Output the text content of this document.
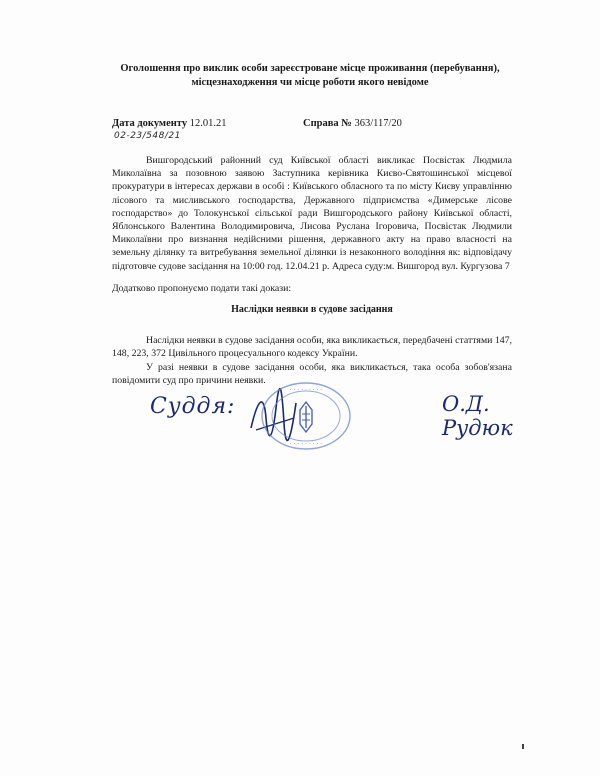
Оголошення про виклик особи зареєстроване місце проживання (перебування),
місцезнаходження чи місце роботи якого невідоме
Дата документу 12.01.21	Справа № 363/117/20
02-23/548/21
Вишгородський районний суд Київської області викликає Посвістак Людмила Миколаївна за позовною заявою Заступника керівника Києво-Святошинської місцевої прокуратури в інтересах держави в особі : Київського обласного та по місту Києву управлінню лісового та мисливського господарства, Державного підприємства «Димерське лісове господарство» до Толокунської сільської ради Вишгородського району Київської області, Яблонського Валентина Володимировича, Лисова Руслана Ігоровича, Посвістак Людмили Миколаївни про визнання недійсними рішення, державного акту на право власності на земельну ділянку та витребування земельної ділянки із незаконного володіння як: відповідачу підготовче судове засідання на 10:00 год. 12.04.21 р. Адреса суду:м. Вишгород вул. Кургузова 7
Додатково пропонуємо подати такі докази:
Наслідки неявки в судове засідання
Наслідки неявки в судове засідання особи, яка викликається, передбачені статтями 147, 148, 223, 372 Цивільного процесуального кодексу України.
У разі неявки в судове засідання особи, яка викликається, така особа зобов'язана повідомити суд про причини неявки.
Суддя:
· · · · · · · · ·
· · · · · · · · ·
О.Д. Рудюк
